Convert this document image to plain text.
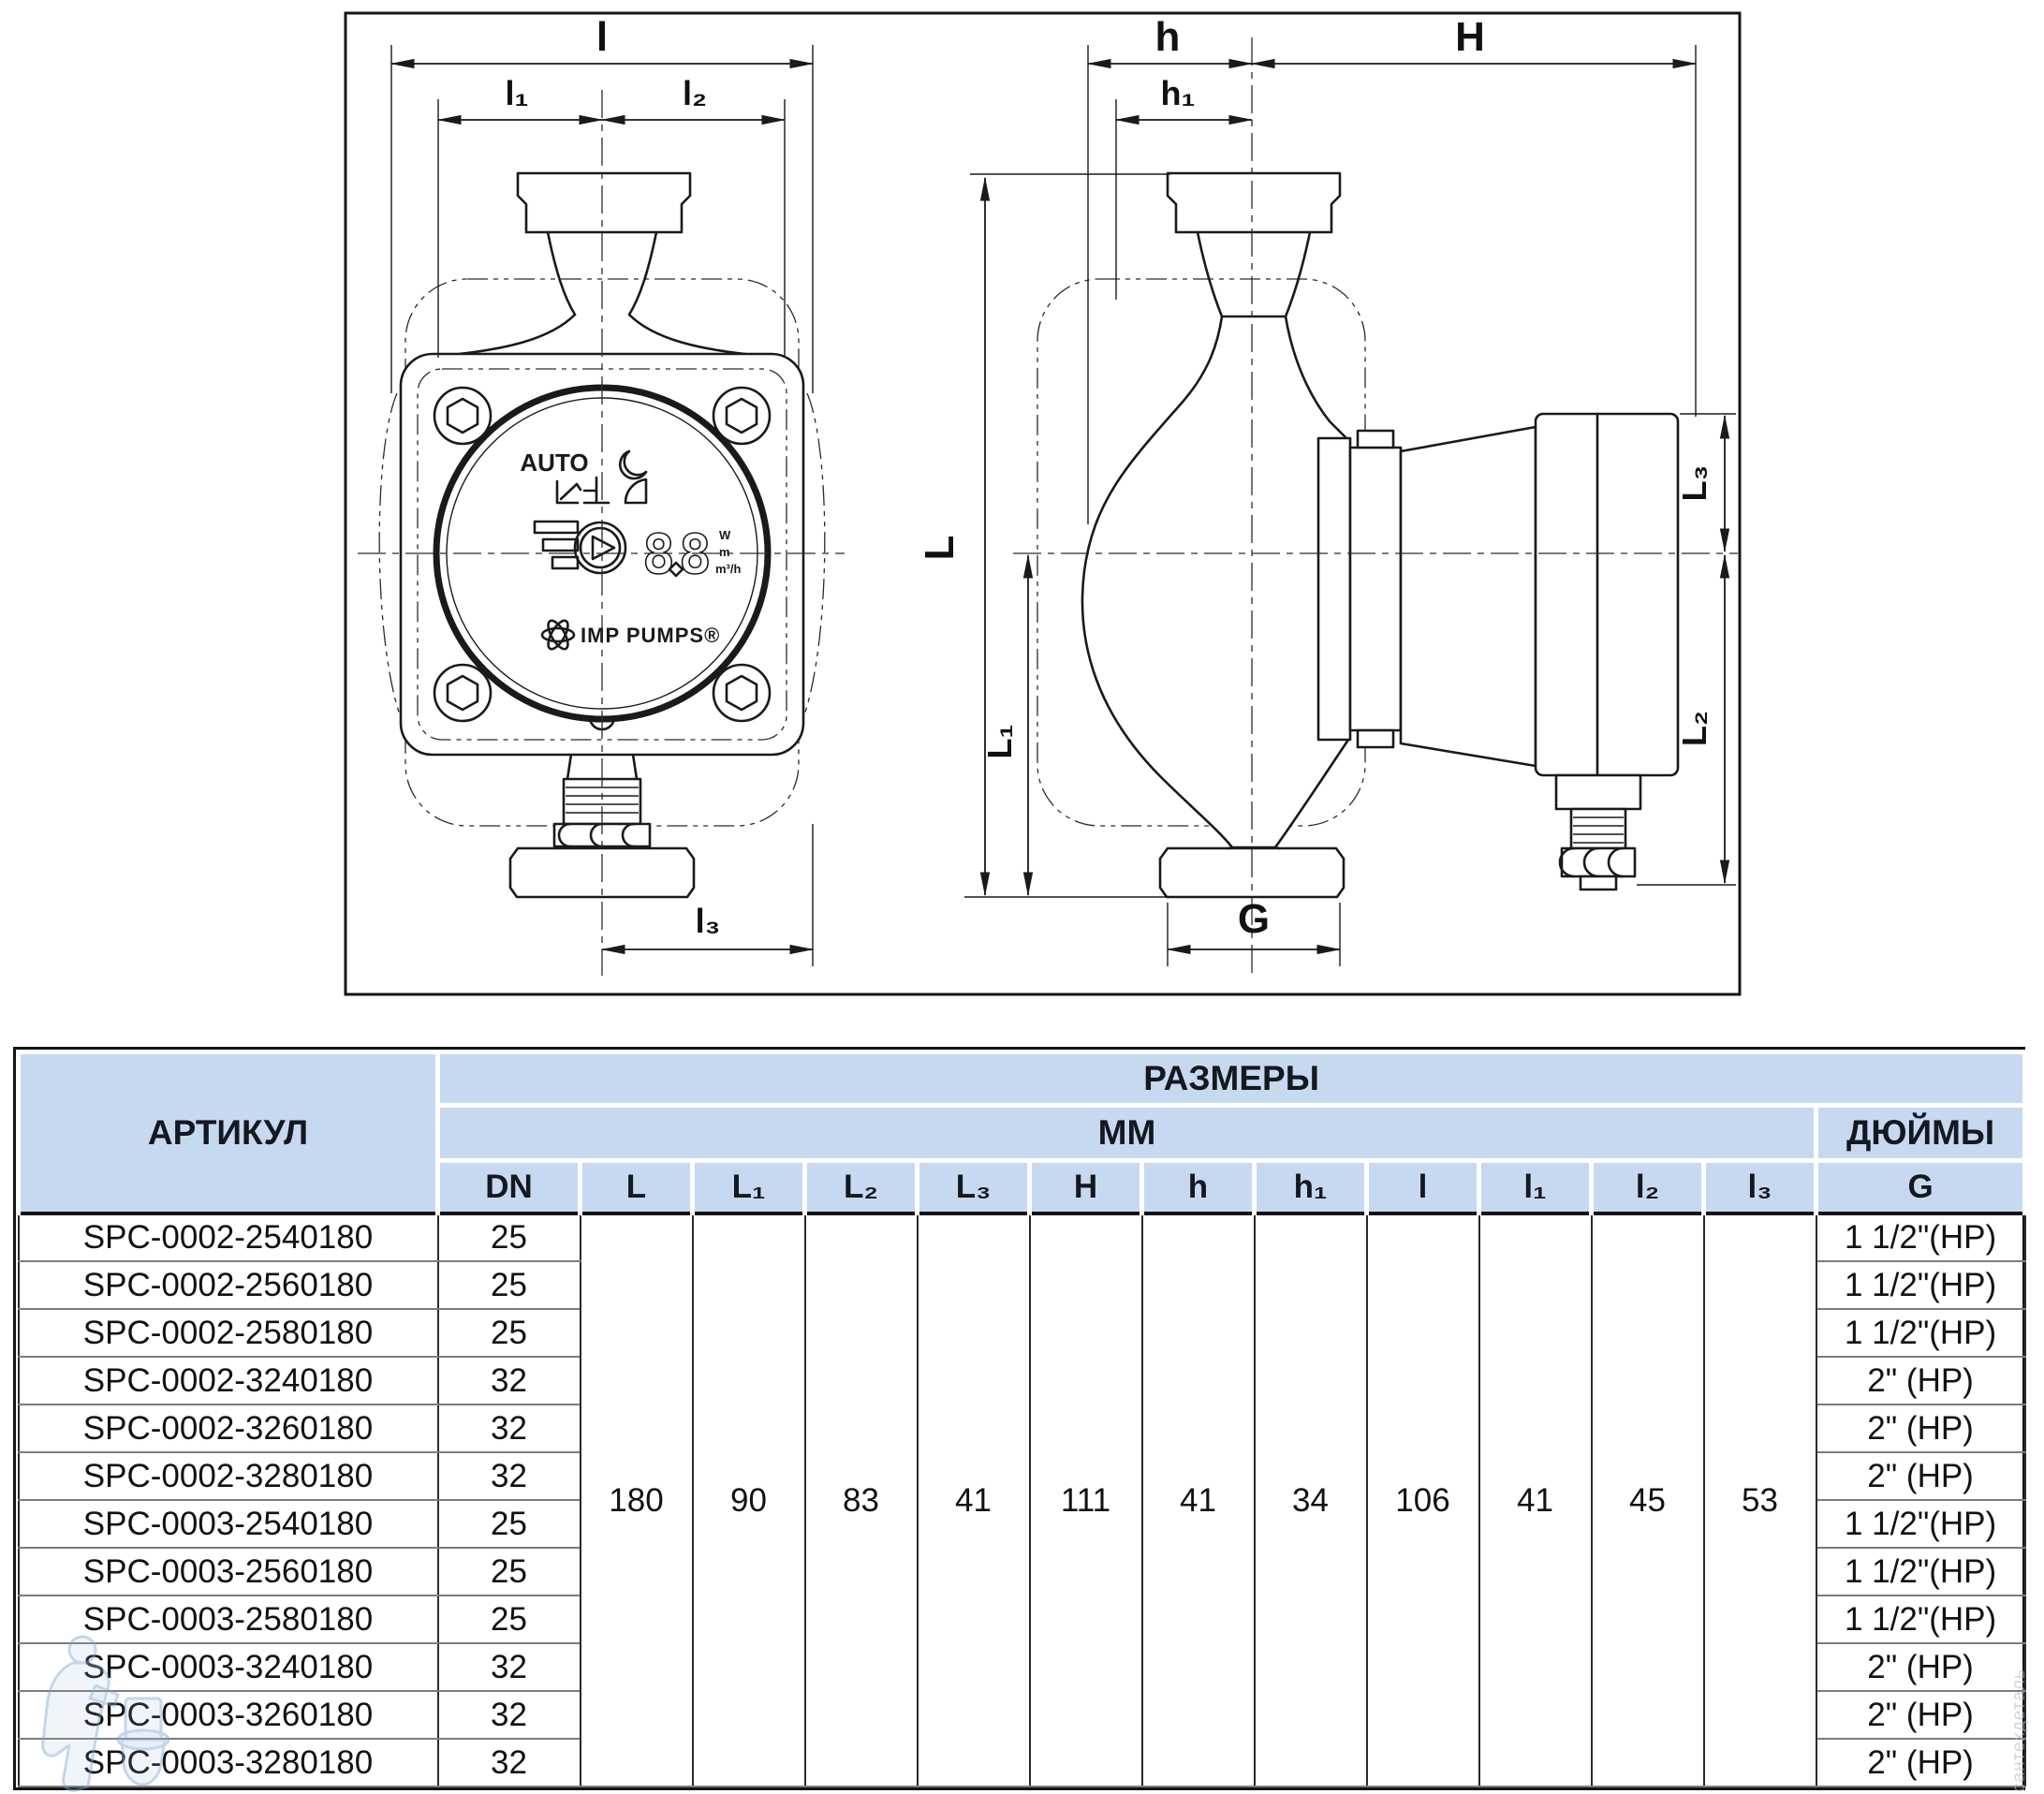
AUTO
88 W
m
m³/h
IMP PUMPS®
l
l₁	l₂
l₃
h	H
h₁
L
L₁
L₃
L₂
G
АРТИКУЛ	РАЗМЕРЫ												
	ММ												ДЮЙМЫ
	DN	L	L₁	L₂	L₃	H	h	h₁	l	l₁	l₂	l₃	G
SPC-0002-2540180	25	180	90	83	41	111	41	34	106	41	45	53	1 1/2"(НР)
SPC-0002-2560180	25												1 1/2"(НР)
SPC-0002-2580180	25												1 1/2"(НР)
SPC-0002-3240180	32												2" (НР)
SPC-0002-3260180	32												2" (НР)
SPC-0002-3280180	32												2" (НР)
SPC-0003-2540180	25												1 1/2"(НР)
SPC-0003-2560180	25												1 1/2"(НР)
SPC-0003-2580180	25												1 1/2"(НР)
SPC-0003-3240180	32												2" (НР)
SPC-0003-3260180	32												2" (НР)
SPC-0003-3280180	32												2" (НР) сантехдеталь
